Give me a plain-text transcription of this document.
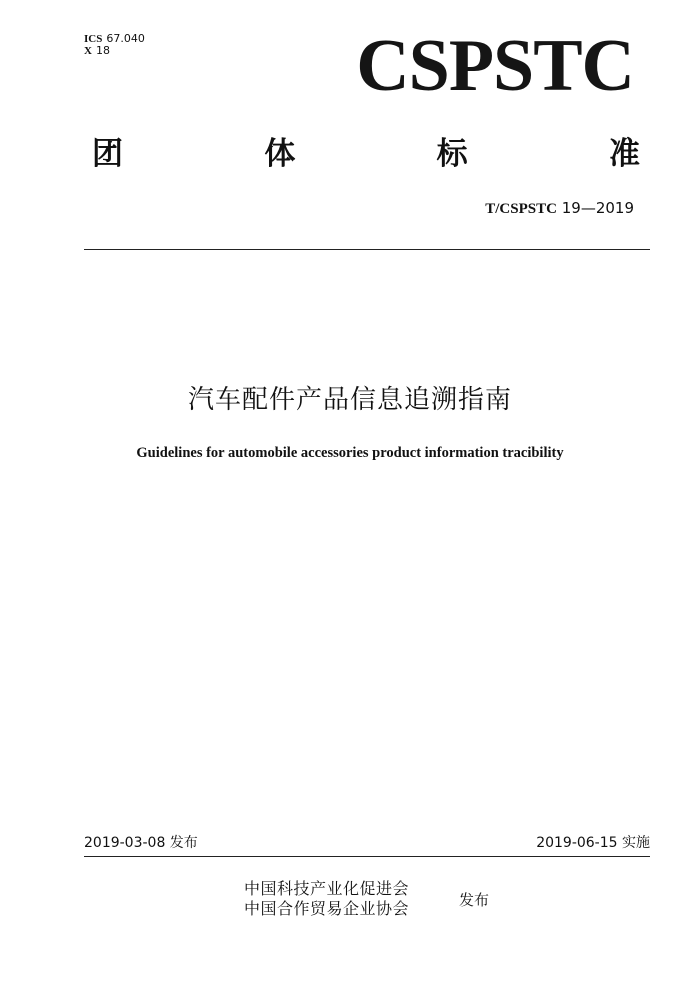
ICS 67.040
X 18	CSPSTC
团	体	标	准
T/CSPSTC 19—2019
汽车配件产品信息追溯指南
Guidelines for automobile accessories product information tracibility
2019-03-08 发布	2019-06-15 实施
中国科技产业化促进会
中国合作贸易企业协会	发布
